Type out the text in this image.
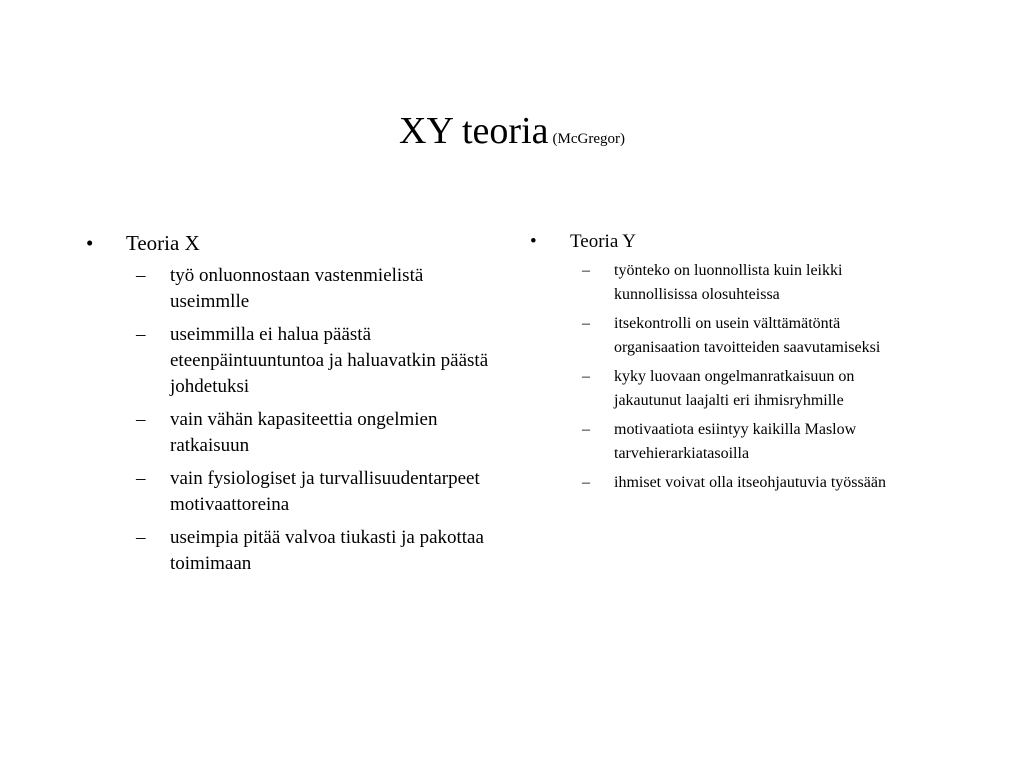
XY teoria (McGregor)
•	Teoria X
–	työ onluonnostaan vastenmielistä useimmlle
–	useimmilla ei halua päästä eteenpäintuuntuntoa ja haluavatkin päästä johdetuksi
–	vain vähän kapasiteettia ongelmien ratkaisuun
–	vain fysiologiset ja turvallisuudentarpeet motivaattoreina
–	useimpia pitää valvoa tiukasti ja pakottaa toimimaan
•	Teoria Y
–	työnteko on luonnollista kuin leikki kunnollisissa olosuhteissa
–	itsekontrolli on usein välttämätöntä organisaation tavoitteiden saavutamiseksi
–	kyky luovaan ongelmanratkaisuun on jakautunut laajalti eri ihmisryhmille
–	motivaatiota esiintyy kaikilla Maslow tarvehierarkiatasoilla
–	ihmiset voivat olla itseohjautuvia työssään
